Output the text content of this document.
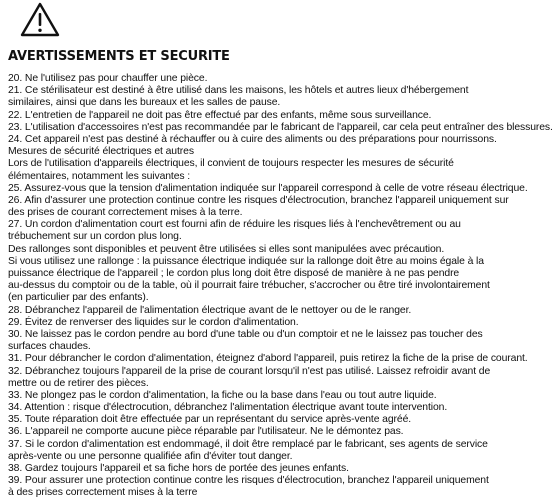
AVERTISSEMENTS ET SECURITE
20. Ne l'utilisez pas pour chauffer une pièce.
21. Ce stérilisateur est destiné à être utilisé dans les maisons, les hôtels et autres lieux d'hébergement
similaires, ainsi que dans les bureaux et les salles de pause.
22. L'entretien de l'appareil ne doit pas être effectué par des enfants, même sous surveillance.
23. L'utilisation d'accessoires n'est pas recommandée par le fabricant de l'appareil, car cela peut entraîner des blessures.
24. Cet appareil n'est pas destiné à réchauffer ou à cuire des aliments ou des préparations pour nourrissons.
Mesures de sécurité électriques et autres
Lors de l'utilisation d'appareils électriques, il convient de toujours respecter les mesures de sécurité
élémentaires, notamment les suivantes :
25. Assurez-vous que la tension d'alimentation indiquée sur l'appareil correspond à celle de votre réseau électrique.
26. Afin d'assurer une protection continue contre les risques d'électrocution, branchez l'appareil uniquement sur
des prises de courant correctement mises à la terre.
27. Un cordon d'alimentation court est fourni afin de réduire les risques liés à l'enchevêtrement ou au
trébuchement sur un cordon plus long.
Des rallonges sont disponibles et peuvent être utilisées si elles sont manipulées avec précaution.
Si vous utilisez une rallonge : la puissance électrique indiquée sur la rallonge doit être au moins égale à la
puissance électrique de l'appareil ; le cordon plus long doit être disposé de manière à ne pas pendre
au-dessus du comptoir ou de la table, où il pourrait faire trébucher, s'accrocher ou être tiré involontairement
(en particulier par des enfants).
28. Débranchez l'appareil de l'alimentation électrique avant de le nettoyer ou de le ranger.
29. Évitez de renverser des liquides sur le cordon d'alimentation.
30. Ne laissez pas le cordon pendre au bord d'une table ou d'un comptoir et ne le laissez pas toucher des
surfaces chaudes.
31. Pour débrancher le cordon d'alimentation, éteignez d'abord l'appareil, puis retirez la fiche de la prise de courant.
32. Débranchez toujours l'appareil de la prise de courant lorsqu'il n'est pas utilisé. Laissez refroidir avant de
mettre ou de retirer des pièces.
33. Ne plongez pas le cordon d'alimentation, la fiche ou la base dans l'eau ou tout autre liquide.
34. Attention : risque d'électrocution, débranchez l'alimentation électrique avant toute intervention.
35. Toute réparation doit être effectuée par un représentant du service après-vente agréé.
36. L'appareil ne comporte aucune pièce réparable par l'utilisateur. Ne le démontez pas.
37. Si le cordon d'alimentation est endommagé, il doit être remplacé par le fabricant, ses agents de service
après-vente ou une personne qualifiée afin d'éviter tout danger.
38. Gardez toujours l'appareil et sa fiche hors de portée des jeunes enfants.
39. Pour assurer une protection continue contre les risques d'électrocution, branchez l'appareil uniquement
à des prises correctement mises à la terre
